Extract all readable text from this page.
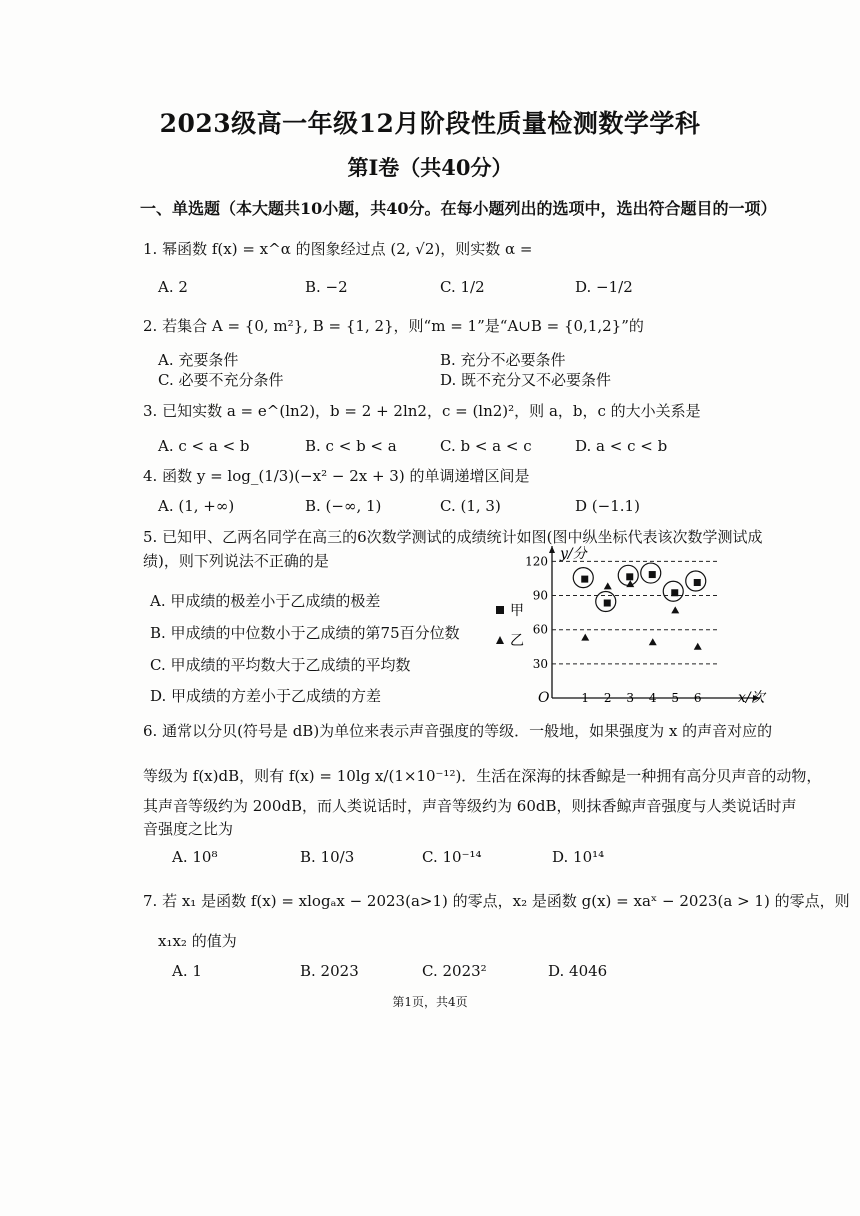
2023级高一年级12月阶段性质量检测数学学科
第I卷（共40分）
一、单选题（本大题共10小题，共40分。在每小题列出的选项中，选出符合题目的一项）
1. 幂函数 f(x) = x^α 的图象经过点 (2, √2)，则实数 α =
A. 2	B. −2	C. 1/2	D. −1/2
2. 若集合 A = {0, m²}, B = {1, 2}，则“m = 1”是“A∪B = {0,1,2}”的
A. 充要条件	B. 充分不必要条件
C. 必要不充分条件	D. 既不充分又不必要条件
3. 已知实数 a = e^(ln2)，b = 2 + 2ln2，c = (ln2)²，则 a，b，c 的大小关系是
A. c < a < b	B. c < b < a	C. b < a < c	D. a < c < b
4. 函数 y = log_(1/3)(−x² − 2x + 3) 的单调递增区间是
A. (1, +∞)	B. (−∞, 1)	C. (1, 3)	D (−1.1)
5. 已知甲、乙两名同学在高三的6次数学测试的成绩统计如图(图中纵坐标代表该次数学测试成
绩)，则下列说法不正确的是
A. 甲成绩的极差小于乙成绩的极差
B. 甲成绩的中位数小于乙成绩的第75百分位数
C. 甲成绩的平均数大于乙成绩的平均数
D. 甲成绩的方差小于乙成绩的方差
y/分
x/次
O
30
60
90
120
1 2 3 4 5 6
甲
乙
6. 通常以分贝(符号是 dB)为单位来表示声音强度的等级．一般地，如果强度为 x 的声音对应的
等级为 f(x)dB，则有 f(x) = 10lg x/(1×10⁻¹²)．生活在深海的抹香鲸是一种拥有高分贝声音的动物，
其声音等级约为 200dB，而人类说话时，声音等级约为 60dB，则抹香鲸声音强度与人类说话时声
音强度之比为
A. 10⁸	B. 10/3	C. 10⁻¹⁴	D. 10¹⁴
7. 若 x₁ 是函数 f(x) = xlogₐx − 2023(a>1) 的零点，x₂ 是函数 g(x) = xaˣ − 2023(a > 1) 的零点，则
x₁x₂ 的值为
A. 1	B. 2023	C. 2023²	D. 4046
第1页，共4页
